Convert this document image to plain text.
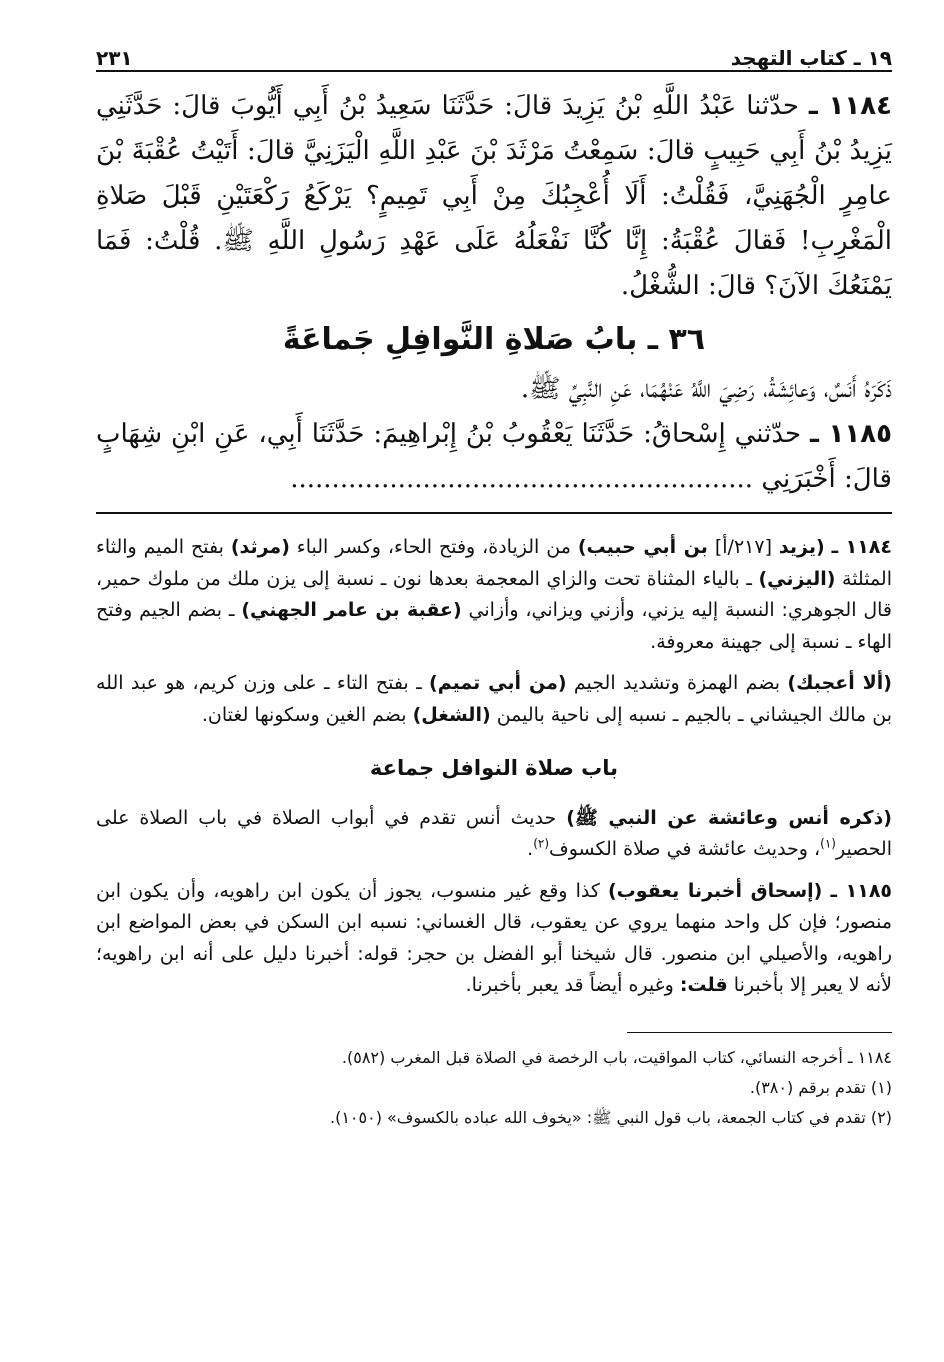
١٩ ـ كتاب التهجد
٢٣١

١١٨٤ ـ حدّثنا عَبْدُ اللَّهِ بْنُ يَزِيدَ قالَ: حَدَّثَنَا سَعِيدُ بْنُ أَبِي أَيُّوبَ قالَ: حَدَّثَنِي يَزِيدُ بْنُ أَبِي حَبِيبٍ قالَ: سَمِعْتُ مَرْثَدَ بْنَ عَبْدِ اللَّهِ الْيَزَنِيَّ قالَ: أَتَيْتُ عُقْبَةَ بْنَ عامِرٍ الْجُهَنِيَّ، فَقُلْتُ: أَلَا أُعْجِبُكَ مِنْ أَبِي تَمِيمٍ؟ يَرْكَعُ رَكْعَتَيْنِ قَبْلَ صَلاةِ الْمَغْرِبِ! فَقالَ عُقْبَةُ: إِنَّا كُنَّا نَفْعَلُهُ عَلَى عَهْدِ رَسُولِ اللَّهِ ﷺ. قُلْتُ: فَمَا يَمْنَعُكَ الآنَ؟ قالَ: الشُّغْلُ.

٣٦ ـ بابُ صَلاةِ النَّوافِلِ جَماعَةً

ذَكَرَهُ أَنَسٌ، وَعائِشَةُ، رَضِيَ اللَّهُ عَنْهُمَا، عَنِ النَّبِيِّ ﷺ.

١١٨٥ ـ حدّثني إِسْحاقُ: حَدَّثَنَا يَعْقُوبُ بْنُ إِبْراهِيمَ: حَدَّثَنَا أَبِي، عَنِ ابْنِ شِهَابٍ قالَ: أَخْبَرَنِي ........................................................

١١٨٤ ـ (يزيد [٢١٧/أ] بن أبي حبيب) من الزيادة، وفتح الحاء، وكسر الباء (مرثد) بفتح الميم والثاء المثلثة (اليزني) ـ بالياء المثناة تحت والزاي المعجمة بعدها نون ـ نسبة إلى يزن ملك من ملوك حمير، قال الجوهري: النسبة إليه يزني، وأزني ويزاني، وأزاني (عقبة بن عامر الجهني) ـ بضم الجيم وفتح الهاء ـ نسبة إلى جهينة معروفة.

(ألا أعجبك) بضم الهمزة وتشديد الجيم (من أبي تميم) ـ بفتح التاء ـ على وزن كريم، هو عبد الله بن مالك الجيشاني ـ بالجيم ـ نسبه إلى ناحية باليمن (الشغل) بضم الغين وسكونها لغتان.

باب صلاة النوافل جماعة

(ذكره أنس وعائشة عن النبي ﷺ) حديث أنس تقدم في أبواب الصلاة في باب الصلاة على الحصير$^{(١)}$، وحديث عائشة في صلاة الكسوف$^{(٢)}$.

١١٨٥ ـ (إسحاق أخبرنا يعقوب) كذا وقع غير منسوب، يجوز أن يكون ابن راهويه، وأن يكون ابن منصور؛ فإن كل واحد منهما يروي عن يعقوب، قال الغساني: نسبه ابن السكن في بعض المواضع ابن راهويه، والأصيلي ابن منصور. قال شيخنا أبو الفضل بن حجر: قوله: أخبرنا دليل على أنه ابن راهويه؛ لأنه لا يعبر إلا بأخبرنا قلت: وغيره أيضاً قد يعبر بأخبرنا.

١١٨٤ ـ أخرجه النسائي، كتاب المواقيت، باب الرخصة في الصلاة قبل المغرب (٥٨٢).

(١) تقدم برقم (٣٨٠).

(٢) تقدم في كتاب الجمعة، باب قول النبي ﷺ: «يخوف الله عباده بالكسوف» (١٠٥٠).
